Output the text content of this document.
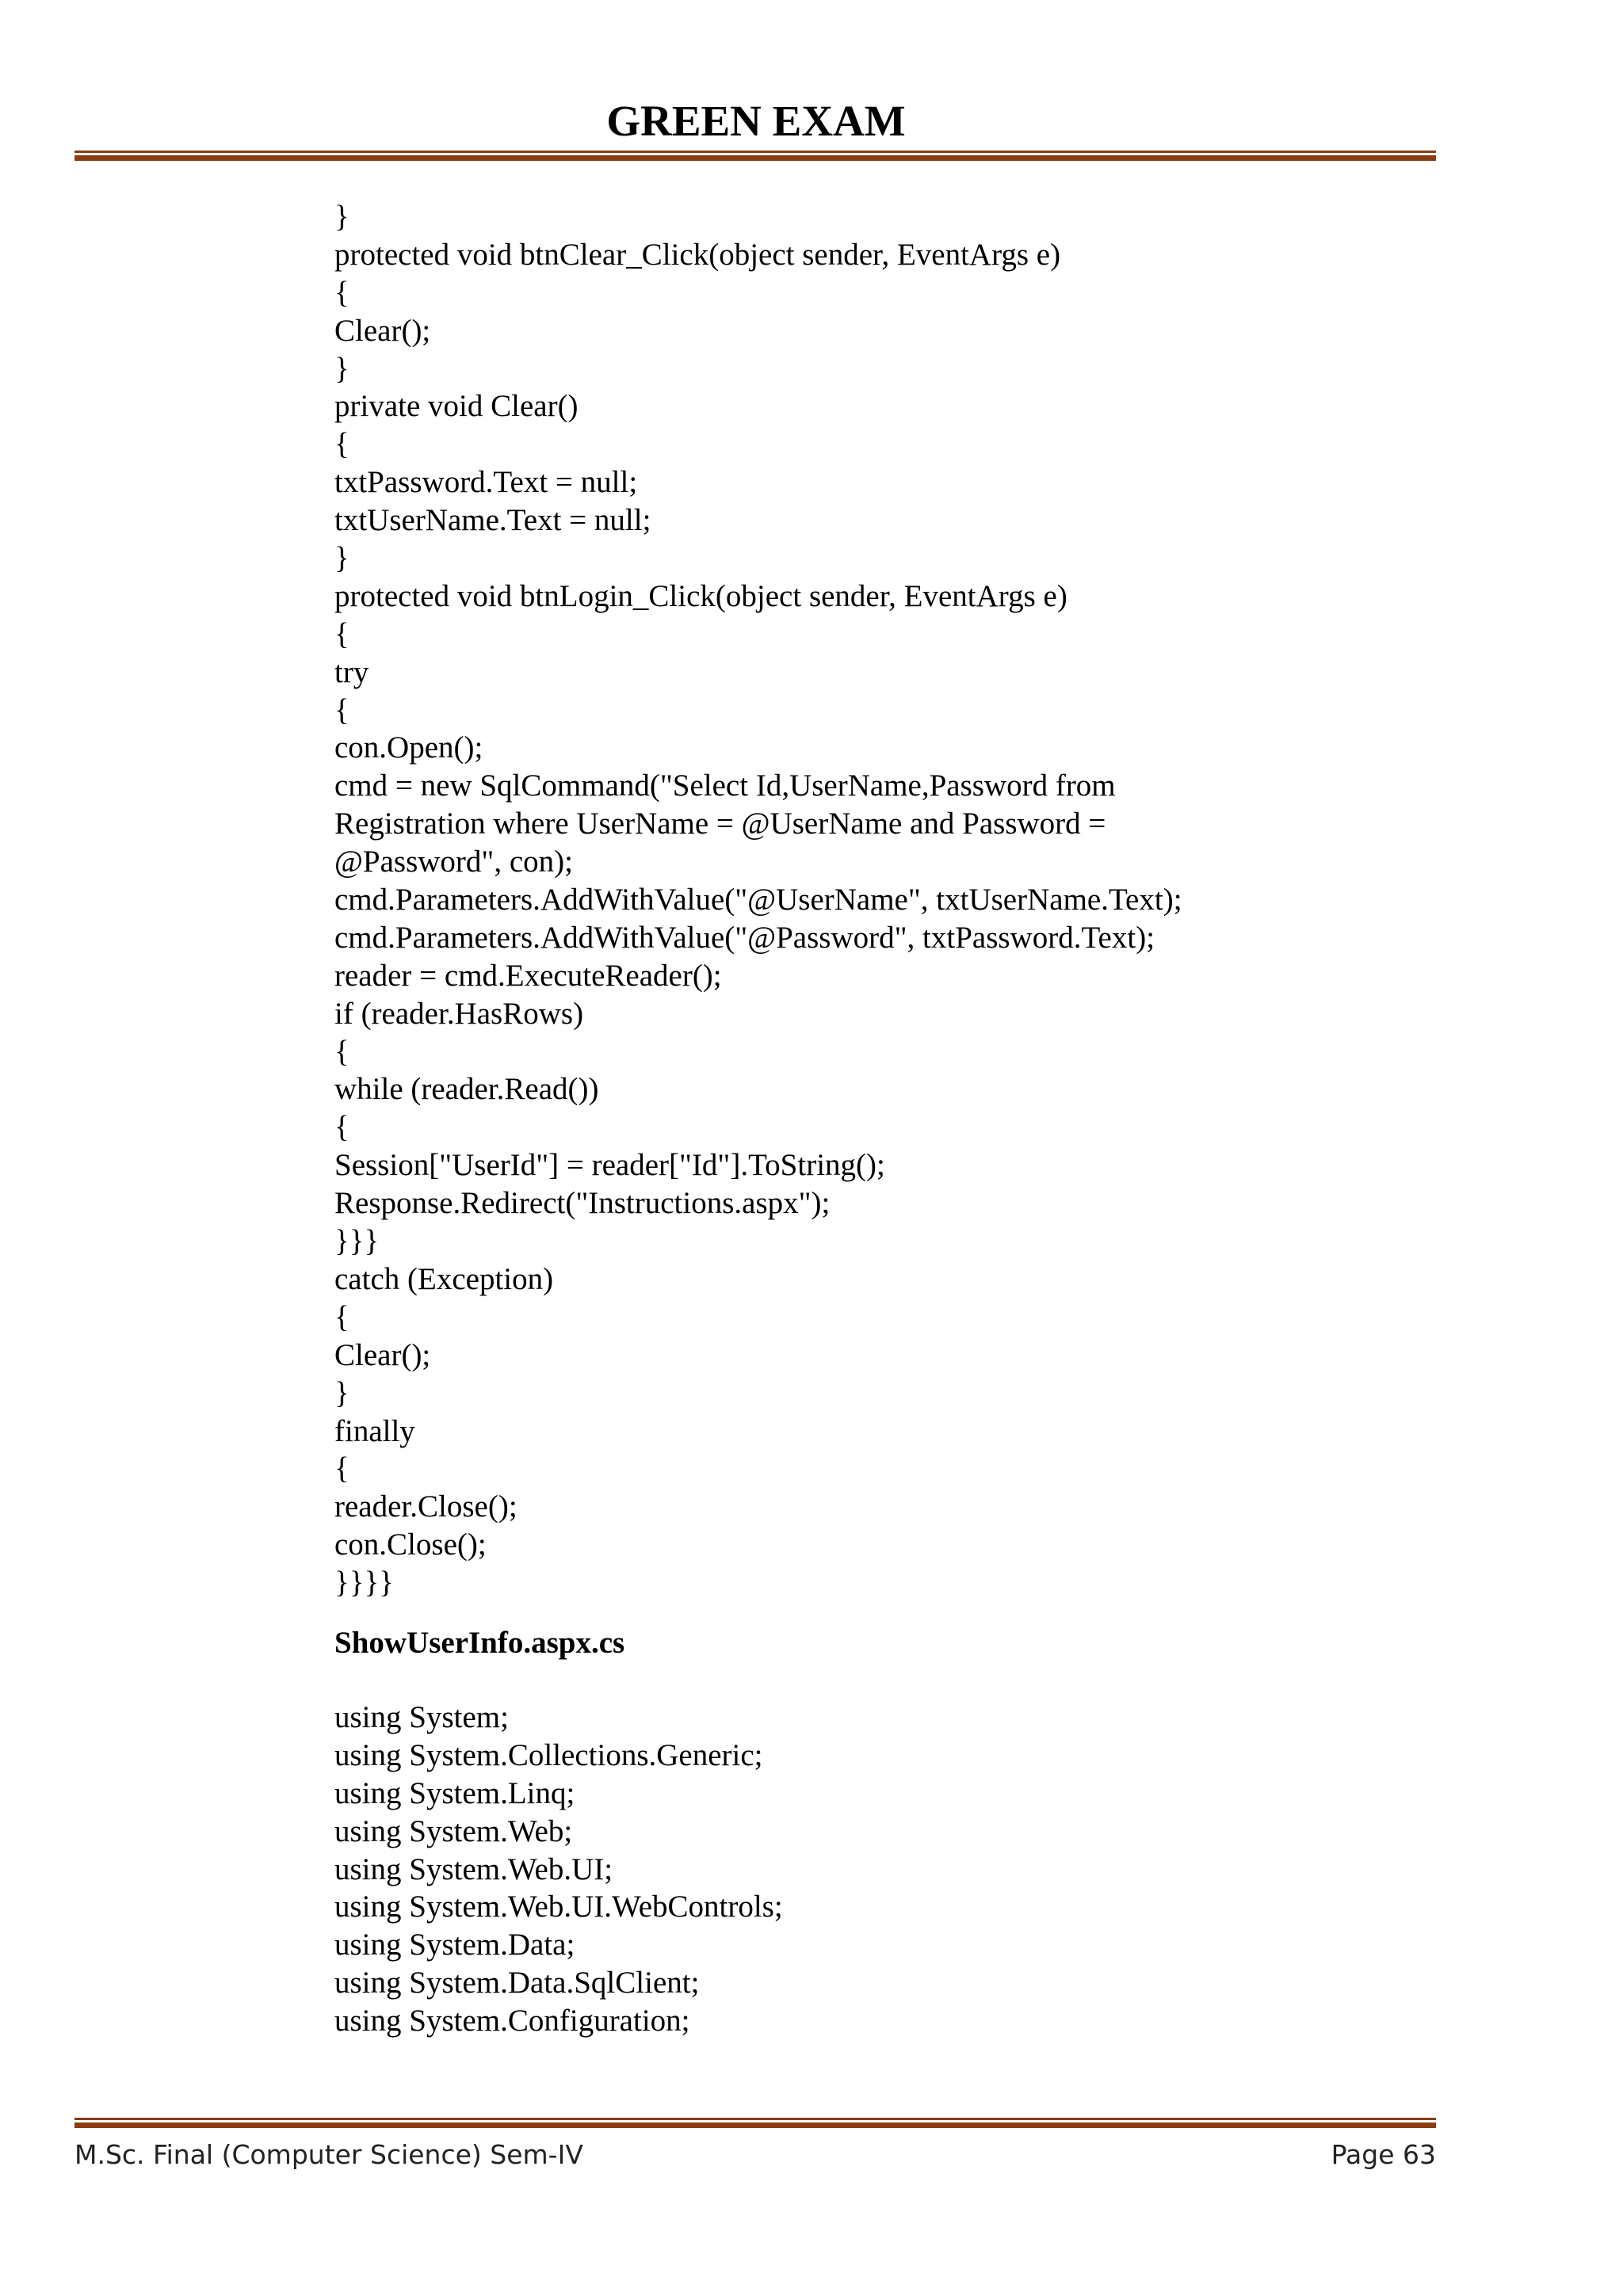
GREEN EXAM
}
protected void btnClear_Click(object sender, EventArgs e)
{
Clear();
}
private void Clear()
{
txtPassword.Text = null;
txtUserName.Text = null;
}
protected void btnLogin_Click(object sender, EventArgs e)
{
try
{
con.Open();
cmd = new SqlCommand("Select Id,UserName,Password from
Registration where UserName = @UserName and Password =
@Password", con);
cmd.Parameters.AddWithValue("@UserName", txtUserName.Text);
cmd.Parameters.AddWithValue("@Password", txtPassword.Text);
reader = cmd.ExecuteReader();
if (reader.HasRows)
{
while (reader.Read())
{
Session["UserId"] = reader["Id"].ToString();
Response.Redirect("Instructions.aspx");
}}}
catch (Exception)
{
Clear();
}
finally
{
reader.Close();
con.Close();
}}}}
ShowUserInfo.aspx.cs
using System;
using System.Collections.Generic;
using System.Linq;
using System.Web;
using System.Web.UI;
using System.Web.UI.WebControls;
using System.Data;
using System.Data.SqlClient;
using System.Configuration;
M.Sc. Final (Computer Science) Sem-IV	Page 63
